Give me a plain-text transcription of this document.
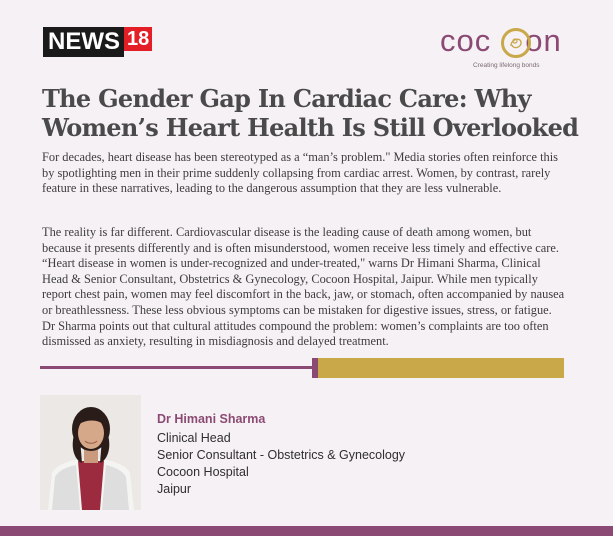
NEWS 18	coc on
Creating lifelong bonds
The Gender Gap In Cardiac Care: Why Women’s Heart Health Is Still Overlooked

For decades, heart disease has been stereotyped as a “man’s problem." Media stories often reinforce this by spotlighting men in their prime suddenly collapsing from cardiac arrest. Women, by contrast, rarely feature in these narratives, leading to the dangerous assumption that they are less vulnerable.

The reality is far different. Cardiovascular disease is the leading cause of death among women, but because it presents differently and is often misunderstood, women receive less timely and effective care. “Heart disease in women is under-recognized and under-treated," warns Dr Himani Sharma, Clinical Head & Senior Consultant, Obstetrics & Gynecology, Cocoon Hospital, Jaipur. While men typically report chest pain, women may feel discomfort in the back, jaw, or stomach, often accompanied by nausea or breathlessness. These less obvious symptoms can be mistaken for digestive issues, stress, or fatigue. Dr Sharma points out that cultural attitudes compound the problem: women’s complaints are too often dismissed as anxiety, resulting in misdiagnosis and delayed treatment.

Dr Himani Sharma

Clinical Head

Senior Consultant - Obstetrics & Gynecology

Cocoon Hospital

Jaipur
